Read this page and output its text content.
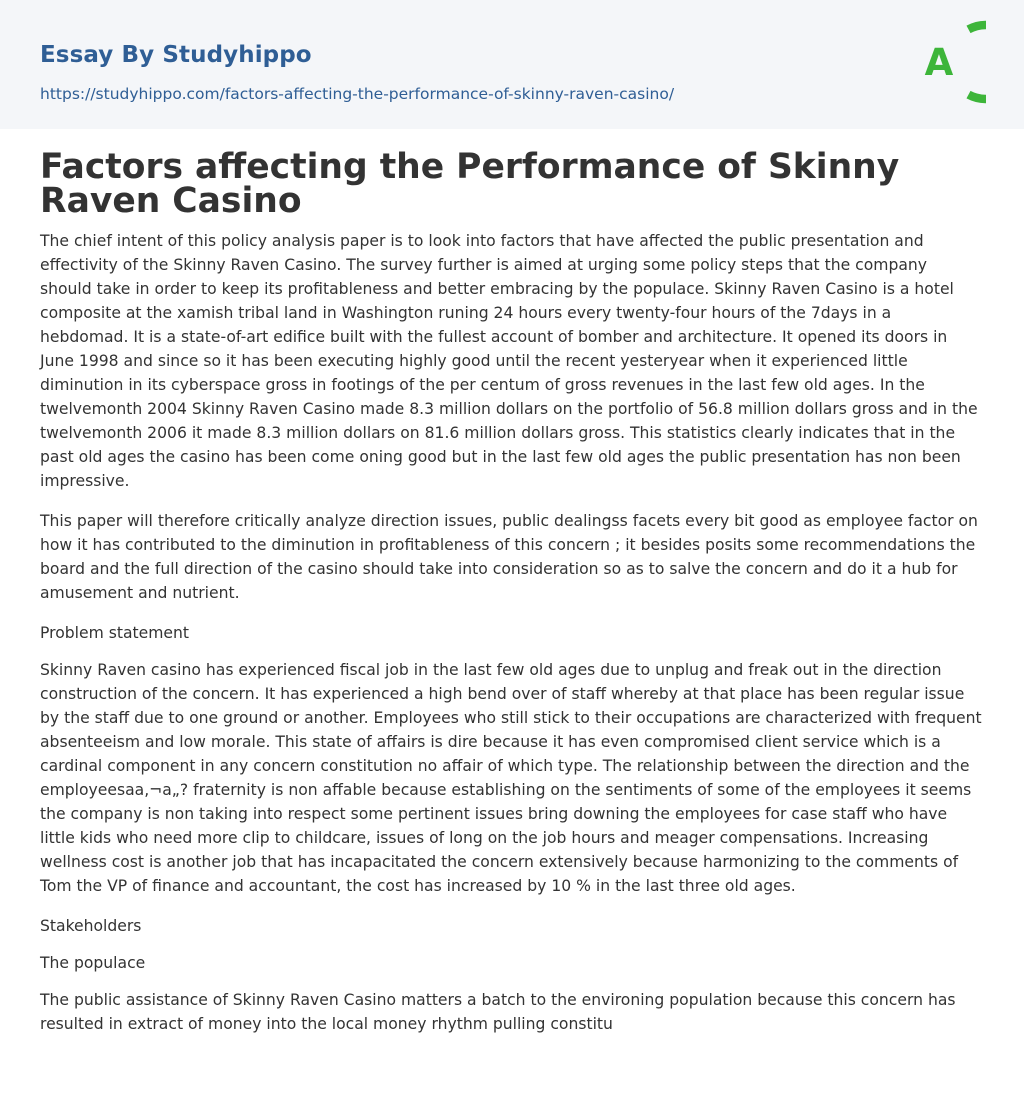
Essay By Studyhippo
https://studyhippo.com/factors-affecting-the-performance-of-skinny-raven-casino/
A
Factors affecting the Performance of Skinny Raven Casino

The chief intent of this policy analysis paper is to look into factors that have affected the public presentation and effectivity of the Skinny Raven Casino. The survey further is aimed at urging some policy steps that the company should take in order to keep its profitableness and better embracing by the populace. Skinny Raven Casino is a hotel composite at the xamish tribal land in Washington runing 24 hours every twenty-four hours of the 7days in a hebdomad. It is a state-of-art edifice built with the fullest account of bomber and architecture. It opened its doors in June 1998 and since so it has been executing highly good until the recent yesteryear when it experienced little diminution in its cyberspace gross in footings of the per centum of gross revenues in the last few old ages. In the twelvemonth 2004 Skinny Raven Casino made 8.3 million dollars on the portfolio of 56.8 million dollars gross and in the twelvemonth 2006 it made 8.3 million dollars on 81.6 million dollars gross. This statistics clearly indicates that in the past old ages the casino has been come oning good but in the last few old ages the public presentation has non been impressive.

This paper will therefore critically analyze direction issues, public dealingss facets every bit good as employee factor on how it has contributed to the diminution in profitableness of this concern ; it besides posits some recommendations the board and the full direction of the casino should take into consideration so as to salve the concern and do it a hub for amusement and nutrient.

Problem statement

Skinny Raven casino has experienced fiscal job in the last few old ages due to unplug and freak out in the direction construction of the concern. It has experienced a high bend over of staff whereby at that place has been regular issue by the staff due to one ground or another. Employees who still stick to their occupations are characterized with frequent absenteeism and low morale. This state of affairs is dire because it has even compromised client service which is a cardinal component in any concern constitution no affair of which type. The relationship between the direction and the employeesaa,¬a„? fraternity is non affable because establishing on the sentiments of some of the employees it seems the company is non taking into respect some pertinent issues bring downing the employees for case staff who have little kids who need more clip to childcare, issues of long on the job hours and meager compensations. Increasing wellness cost is another job that has incapacitated the concern extensively because harmonizing to the comments of Tom the VP of finance and accountant, the cost has increased by 10 % in the last three old ages.

Stakeholders

The populace

The public assistance of Skinny Raven Casino matters a batch to the environing population because this concern has resulted in extract of money into the local money rhythm pulling constitu
